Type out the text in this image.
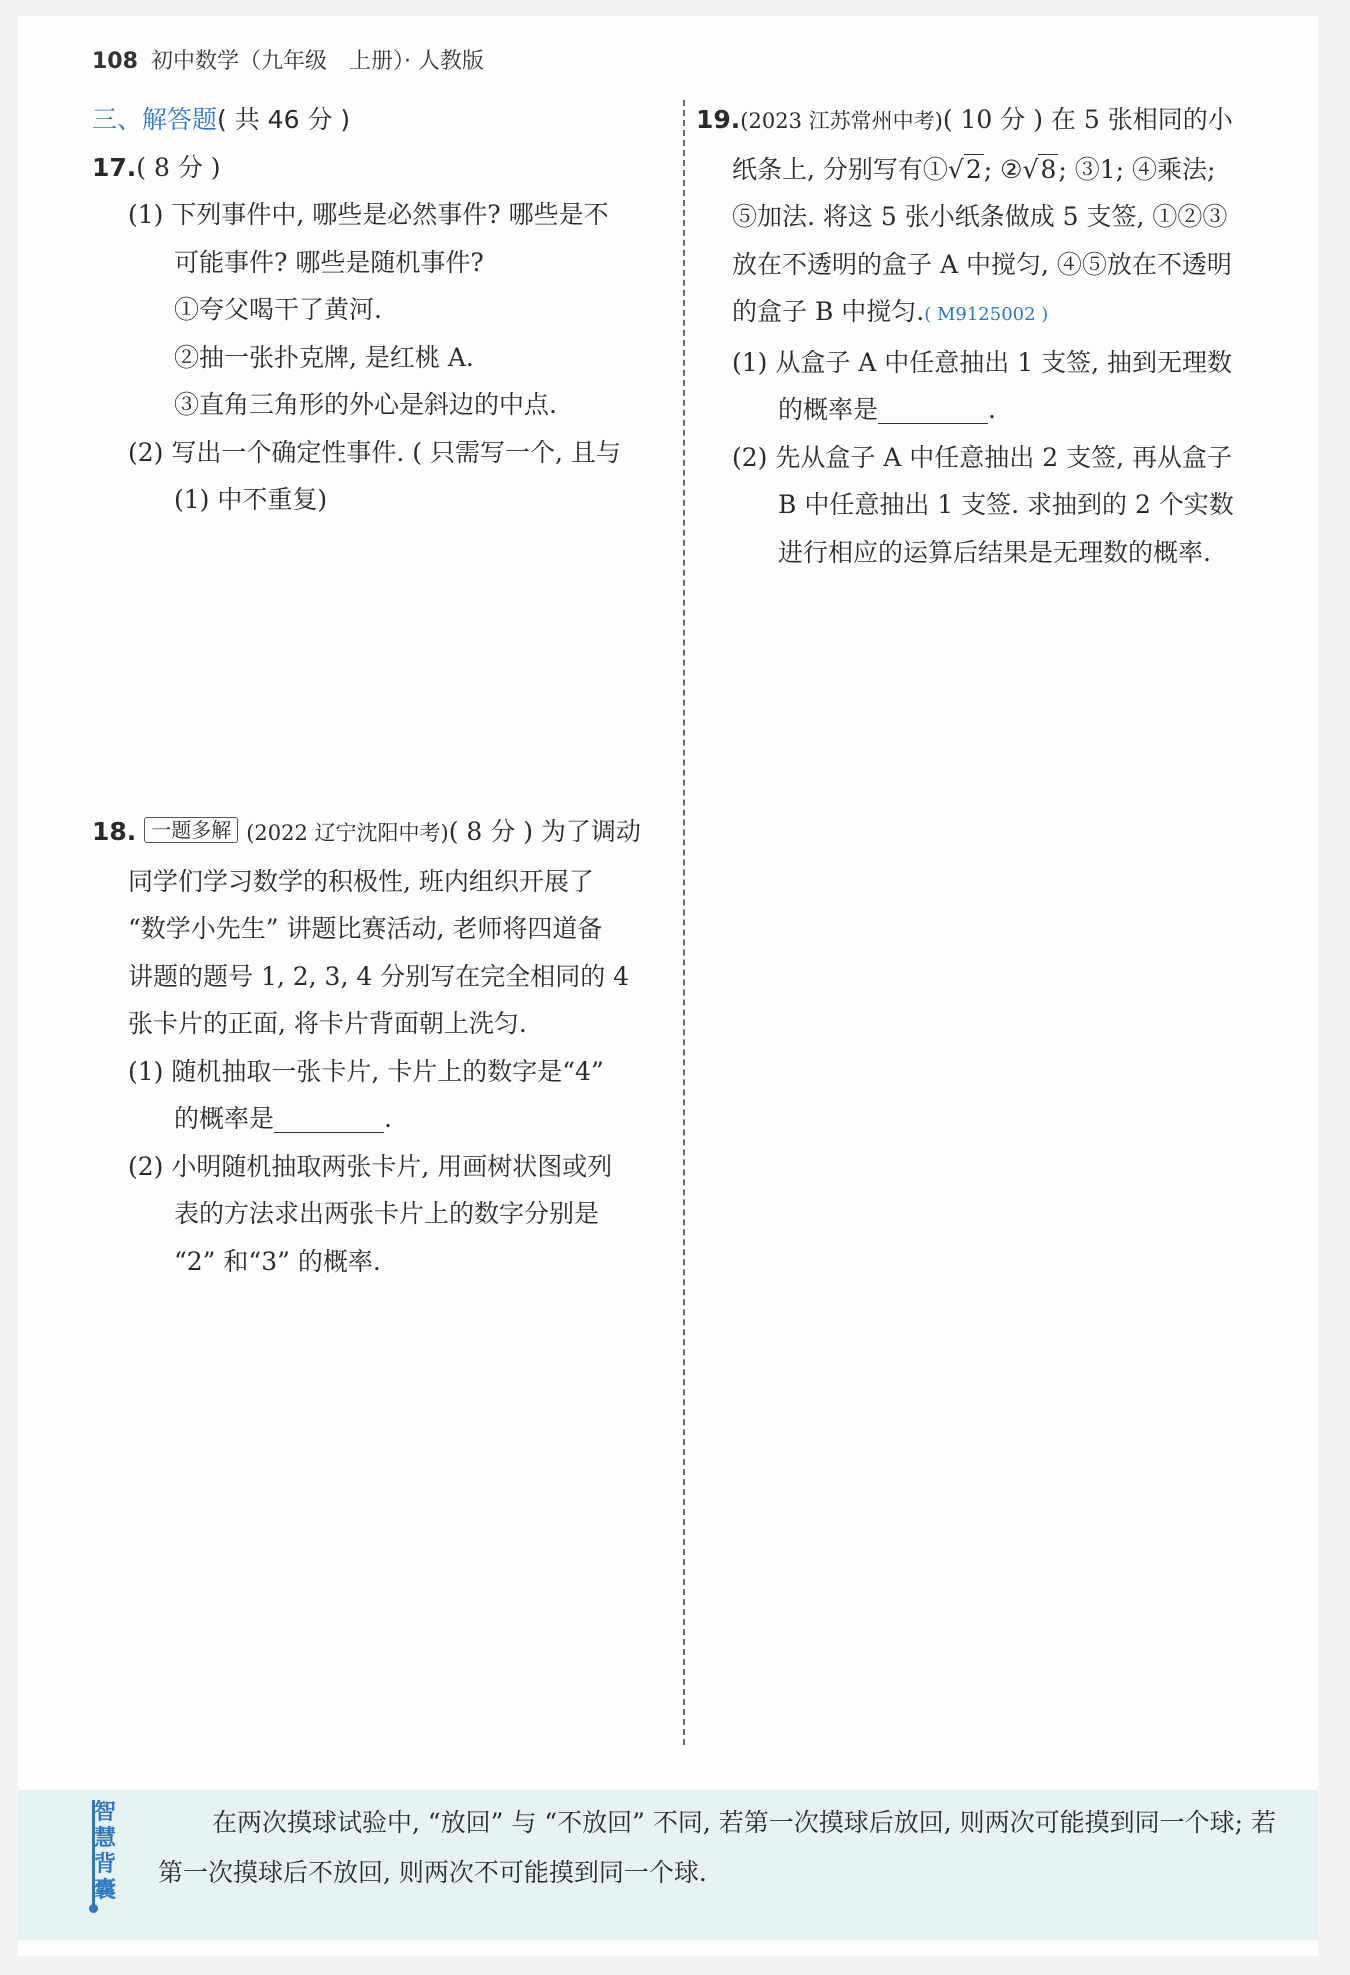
108 初中数学（九年级　上册）· 人教版

三、解答题( 共 46 分 )

17.( 8 分 )

(1) 下列事件中, 哪些是必然事件? 哪些是不

可能事件? 哪些是随机事件?

①夸父喝干了黄河.

②抽一张扑克牌, 是红桃 A.

③直角三角形的外心是斜边的中点.

(2) 写出一个确定性事件. ( 只需写一个, 且与

(1) 中不重复)

18. 一题多解 (2022 辽宁沈阳中考)( 8 分 ) 为了调动

同学们学习数学的积极性, 班内组织开展了

“数学小先生” 讲题比赛活动, 老师将四道备

讲题的题号 1, 2, 3, 4 分别写在完全相同的 4

张卡片的正面, 将卡片背面朝上洗匀.

(1) 随机抽取一张卡片, 卡片上的数字是“4”

的概率是	.

(2) 小明随机抽取两张卡片, 用画树状图或列

表的方法求出两张卡片上的数字分别是

“2” 和“3” 的概率.

19.(2023 江苏常州中考)( 10 分 ) 在 5 张相同的小

纸条上, 分别写有①√2; ②√8; ③1; ④乘法;

⑤加法. 将这 5 张小纸条做成 5 支签, ①②③

放在不透明的盒子 A 中搅匀, ④⑤放在不透明

的盒子 B 中搅匀.( M9125002 )

(1) 从盒子 A 中任意抽出 1 支签, 抽到无理数

的概率是	.

(2) 先从盒子 A 中任意抽出 2 支签, 再从盒子

B 中任意抽出 1 支签. 求抽到的 2 个实数

进行相应的运算后结果是无理数的概率.

智慧背囊
在两次摸球试验中, “放回” 与 “不放回” 不同, 若第一次摸球后放回, 则两次可能摸到同一个球; 若第一次摸球后不放回, 则两次不可能摸到同一个球.
